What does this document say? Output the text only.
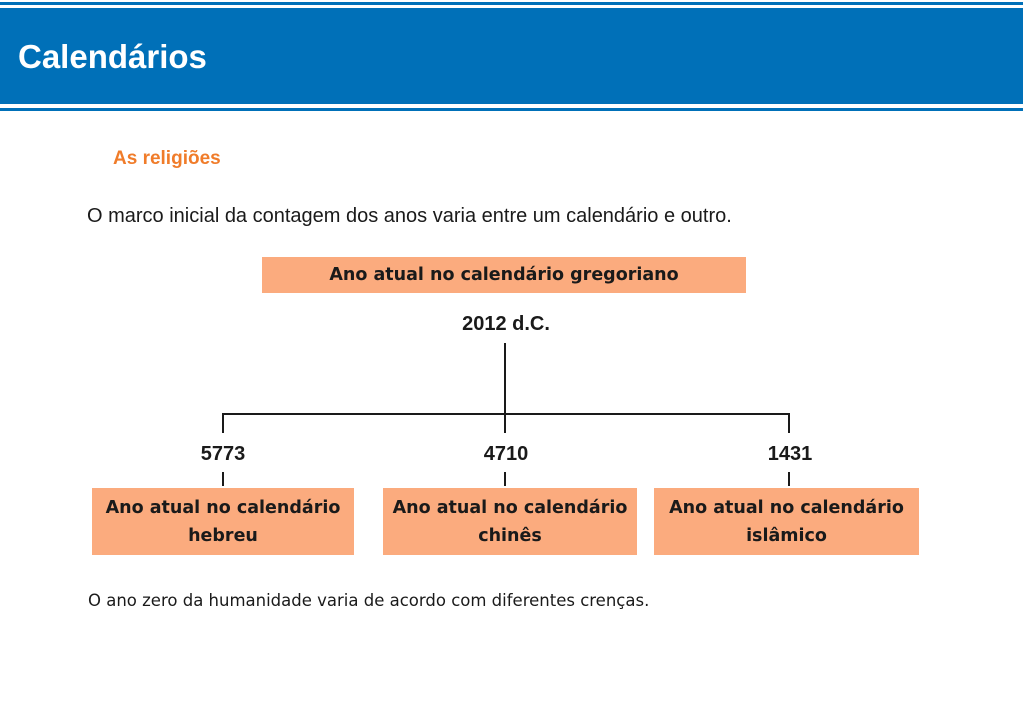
Calendários
As religiões
O marco inicial da contagem dos anos varia entre um calendário e outro.
Ano atual no calendário gregoriano
2012 d.C.
5773	4710	1431
Ano atual no calendário
hebreu
Ano atual no calendário
chinês
Ano atual no calendário
islâmico
O ano zero da humanidade varia de acordo com diferentes crenças.
